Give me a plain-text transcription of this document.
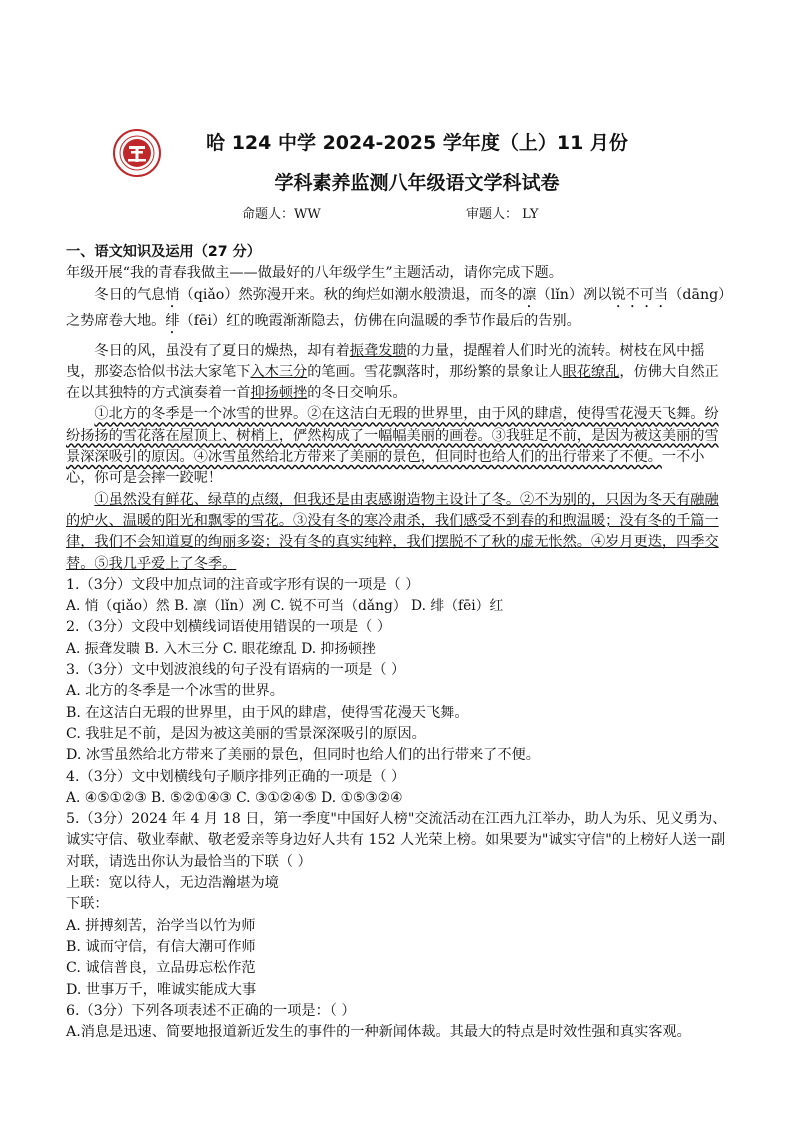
哈 124 中学 2024-2025 学年度（上）11 月份
学科素养监测八年级语文学科试卷
命题人：WW	审题人： LY

一、语文知识及运用（27 分）

年级开展“我的青春我做主——做最好的八年级学生”主题活动，请你完成下题。

冬日的气息悄（qiǎo）然弥漫开来。秋的绚烂如潮水般溃退，而冬的凛（lǐn）冽以锐不可当（dāng）之势席卷大地。绯（fēi）红的晚霞渐渐隐去，仿佛在向温暖的季节作最后的告别。

冬日的风，虽没有了夏日的燥热，却有着振聋发聩的力量，提醒着人们时光的流转。树枝在风中摇曳，那姿态恰似书法大家笔下入木三分的笔画。雪花飘落时，那纷繁的景象让人眼花缭乱，仿佛大自然正在以其独特的方式演奏着一首抑扬顿挫的冬日交响乐。

①北方的冬季是一个冰雪的世界。②在这洁白无瑕的世界里，由于风的肆虐，使得雪花漫天飞舞。纷纷扬扬的雪花落在屋顶上、树梢上，俨然构成了一幅幅美丽的画卷。③我驻足不前，是因为被这美丽的雪景深深吸引的原因。④冰雪虽然给北方带来了美丽的景色，但同时也给人们的出行带来了不便。一不小心，你可是会摔一跤呢！

①虽然没有鲜花、绿草的点缀，但我还是由衷感谢造物主设计了冬。②不为别的，只因为冬天有融融的炉火、温暖的阳光和飘零的雪花。③没有冬的寒冷肃杀，我们感受不到春的和煦温暖；没有冬的千篇一律，我们不会知道夏的绚丽多姿；没有冬的真实纯粹，我们摆脱不了秋的虚无怅然。④岁月更迭，四季交替。⑤我几乎爱上了冬季。

1.（3分）文段中加点词的注音或字形有误的一项是（ ）

A. 悄（qiǎo）然 B. 凛（lǐn）冽 C. 锐不可当（dǎng） D. 绯（fēi）红

2.（3分）文段中划横线词语使用错误的一项是（ ）

A. 振聋发聩 B. 入木三分 C. 眼花缭乱 D. 抑扬顿挫

3.（3分）文中划波浪线的句子没有语病的一项是（ ）

A. 北方的冬季是一个冰雪的世界。

B. 在这洁白无瑕的世界里，由于风的肆虐，使得雪花漫天飞舞。

C. 我驻足不前，是因为被这美丽的雪景深深吸引的原因。

D. 冰雪虽然给北方带来了美丽的景色，但同时也给人们的出行带来了不便。

4.（3分）文中划横线句子顺序排列正确的一项是（ ）

A. ④⑤①②③ B. ⑤②①④③ C. ③①②④⑤ D. ①⑤③②④

5.（3分）2024 年 4 月 18 日，第一季度"中国好人榜"交流活动在江西九江举办，助人为乐、见义勇为、诚实守信、敬业奉献、敬老爱亲等身边好人共有 152 人光荣上榜。如果要为"诚实守信"的上榜好人送一副对联，请选出你认为最恰当的下联（ ）

上联：宽以待人，无边浩瀚堪为境

下联：

A. 拼搏刻苦，治学当以竹为师

B. 诚而守信，有信大潮可作师

C. 诚信普良，立品毋忘松作范

D. 世事万千，唯诚实能成大事

6.（3分）下列各项表述不正确的一项是：（ ）

A.消息是迅速、简要地报道新近发生的事件的一种新闻体裁。其最大的特点是时效性强和真实客观。
